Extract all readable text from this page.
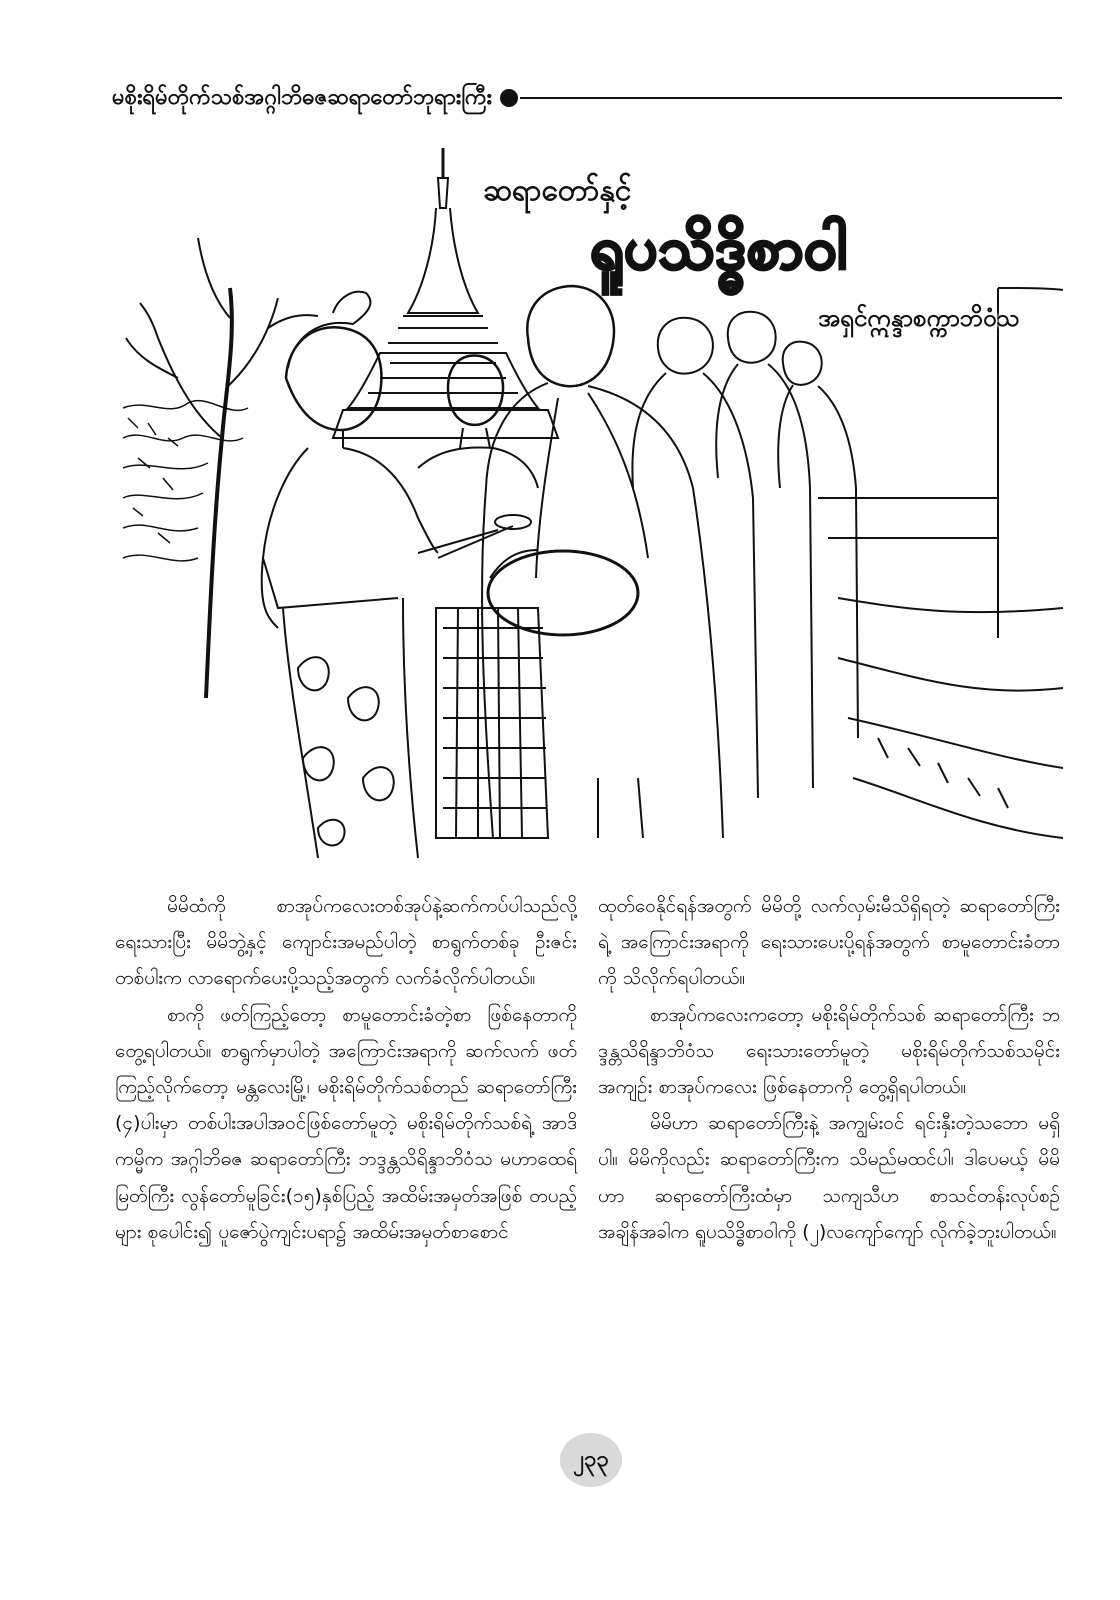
မစိုးရိမ်တိုက်သစ်အဂ္ဂါဘိဓဇဆရာတော်ဘုရားကြီး
ဆရာတော်နှင့်
ရူပသိဒ္ဓိစာဝါ
အရှင်ဣန္ဒာစက္ကာဘိဝံသ

မိမိထံကို စာအုပ်ကလေးတစ်အုပ်နဲ့ဆက်ကပ်ပါသည်လို့ ရေးသားပြီး မိမိဘွဲ့နှင့် ကျောင်းအမည်ပါတဲ့ စာရွက်တစ်ခု ဦးဇင်းတစ်ပါးက လာရောက်ပေးပို့သည့်အတွက် လက်ခံလိုက်ပါတယ်။

စာကို ဖတ်ကြည့်တော့ စာမူတောင်းခံတဲ့စာ ဖြစ်နေတာကို တွေ့ရပါတယ်။ စာရွက်မှာပါတဲ့ အကြောင်းအရာကို ဆက်လက် ဖတ်ကြည့်လိုက်တော့ မန္တလေးမြို့၊ မစိုးရိမ်တိုက်သစ်တည် ဆရာတော်ကြီး (၄)ပါးမှာ တစ်ပါးအပါအဝင်ဖြစ်တော်မူတဲ့ မစိုးရိမ်တိုက်သစ်ရဲ့ အာဒိကမ္မိက အဂ္ဂါဘိဓဇ ဆရာတော်ကြီး ဘဒ္ဒန္တသိရိန္ဒာဘိဝံသ မဟာထေရ်မြတ်ကြီး လွန်တော်မူခြင်း(၁၅)နှစ်ပြည့် အထိမ်းအမှတ်အဖြစ် တပည့်များ စုပေါင်း၍ ပူဇော်ပွဲကျင်းပရာ၌ အထိမ်းအမှတ်စာစောင်

ထုတ်ဝေနိုင်ရန်အတွက် မိမိတို့ လက်လှမ်းမီသိရှိရတဲ့ ဆရာတော်ကြီးရဲ့ အကြောင်းအရာကို ရေးသားပေးပို့ရန်အတွက် စာမူတောင်းခံတာကို သိလိုက်ရပါတယ်။

စာအုပ်ကလေးကတော့ မစိုးရိမ်တိုက်သစ် ဆရာတော်ကြီး ဘဒ္ဒန္တသိရိန္ဒာဘိဝံသ ရေးသားတော်မူတဲ့ မစိုးရိမ်တိုက်သစ်သမိုင်းအကျဉ်း စာအုပ်ကလေး ဖြစ်နေတာကို တွေ့ရှိရပါတယ်။

မိမိဟာ ဆရာတော်ကြီးနဲ့ အကျွမ်းဝင် ရင်းနှီးတဲ့သဘော မရှိပါ။ မိမိကိုလည်း ဆရာတော်ကြီးက သိမည်မထင်ပါ၊ ဒါပေမယ့် မိမိဟာ ဆရာတော်ကြီးထံမှာ သကျသီဟ စာသင်တန်းလုပ်စဉ် အချိန်အခါက ရူပသိဒ္ဓိစာဝါကို (၂)လကျော်ကျော် လိုက်ခဲ့ဘူးပါတယ်။

၂၃၃
